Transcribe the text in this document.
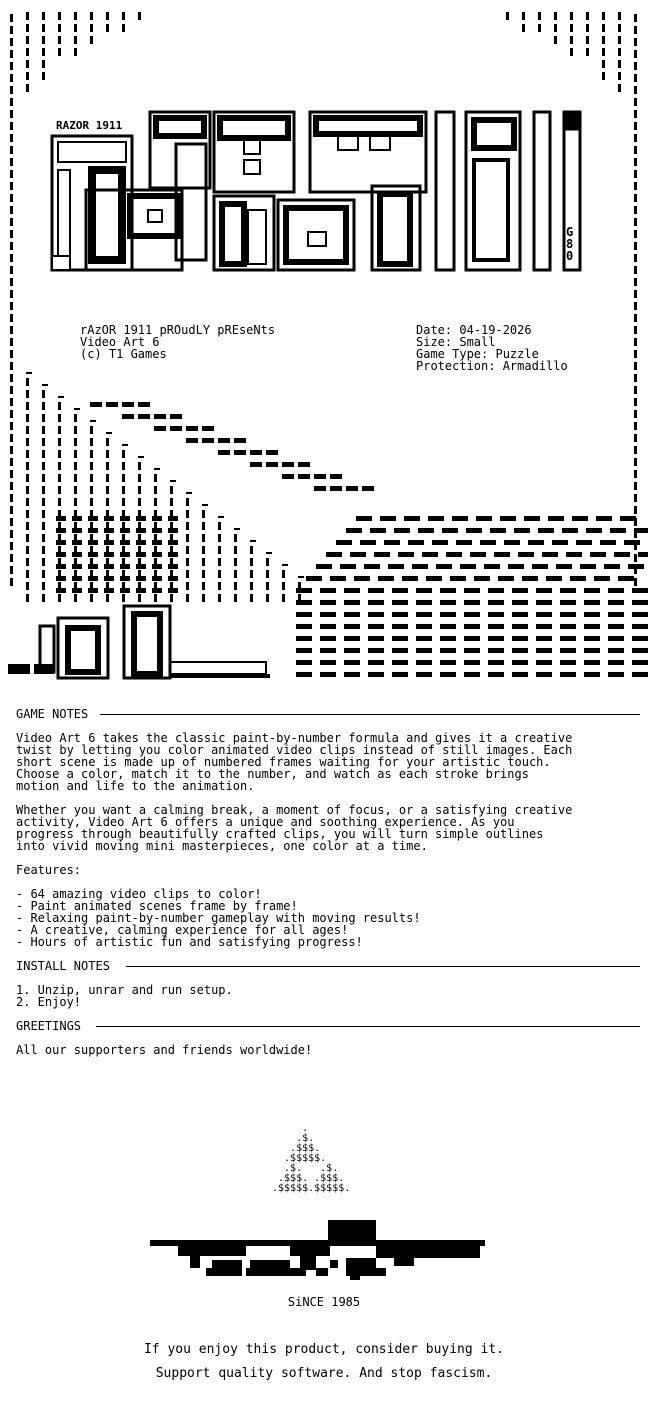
RAZOR 1911
G80
rAzOR 1911 pROudLY pREseNts
Video Art 6
(c) T1 Games
Date: 04-19-2026
Size: Small
Game Type: Puzzle
Protection: Armadillo
GAME NOTES
Video Art 6 takes the classic paint-by-number formula and gives it a creative
twist by letting you color animated video clips instead of still images. Each
short scene is made up of numbered frames waiting for your artistic touch.
Choose a color, match it to the number, and watch as each stroke brings
motion and life to the animation.
Whether you want a calming break, a moment of focus, or a satisfying creative
activity, Video Art 6 offers a unique and soothing experience. As you
progress through beautifully crafted clips, you will turn simple outlines
into vivid moving mini masterpieces, one color at a time.
Features:
- 64 amazing video clips to color!
- Paint animated scenes frame by frame!
- Relaxing paint-by-number gameplay with moving results!
- A creative, calming experience for all ages!
- Hours of artistic fun and satisfying progress!
INSTALL NOTES
1. Unzip, unrar and run setup.
2. Enjoy!
GREETINGS
All our supporters and friends worldwide!
.
.$.
.$$$.
.$$$$$.
.$.   .$.
.$$$. .$$$.
.$$$$$.$$$$$.
SiNCE 1985
If you enjoy this product, consider buying it.
Support quality software. And stop fascism.
